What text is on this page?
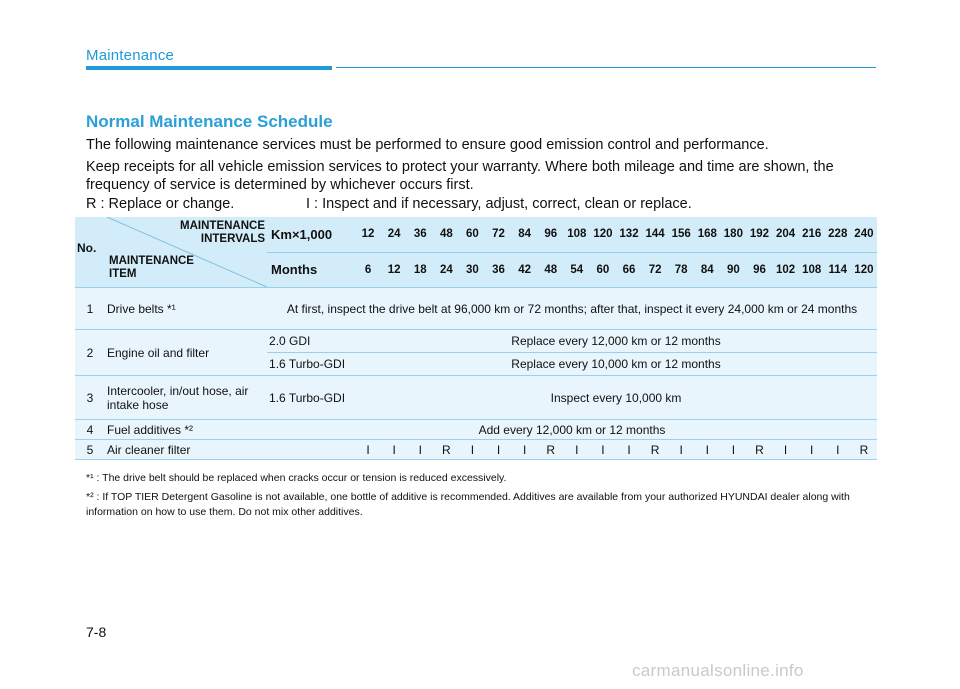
Maintenance
Normal Maintenance Schedule
The following maintenance services must be performed to ensure good emission control and performance.
Keep receipts for all vehicle emission services to protect your warranty. Where both mileage and time are shown, the frequency of service is determined by whichever occurs first.
R : Replace or change.	I : Inspect and if necessary, adjust, correct, clean or replace.
No.
MAINTENANCE INTERVALS
MAINTENANCE ITEM		Km×1,000	12	24	36	48	60	72	84	96	108	120	132	144	156	168	180	192	204	216	228	240
		Months	6	12	18	24	30	36	42	48	54	60	66	72	78	84	90	96	102	108	114	120
1	Drive belts *¹	At first, inspect the drive belt at 96,000 km or 72 months; after that, inspect it every 24,000 km or 24 months																				
2	Engine oil and filter	2.0 GDI	Replace every 12,000 km or 12 months																			
		1.6 Turbo-GDI	Replace every 10,000 km or 12 months																			
3	Intercooler, in/out hose, air intake hose	1.6 Turbo-GDI	Inspect every 10,000 km																			
4	Fuel additives *²	Add every 12,000 km or 12 months																				
5	Air cleaner filter		I	I	I	R	I	I	I	R	I	I	I	R	I	I	I	R	I	I	I	R
*¹ : The drive belt should be replaced when cracks occur or tension is reduced excessively.
*² : If TOP TIER Detergent Gasoline is not available, one bottle of additive is recommended. Additives are available from your authorized HYUNDAI dealer along with information on how to use them. Do not mix other additives.
7-8
carmanualsonline.info
